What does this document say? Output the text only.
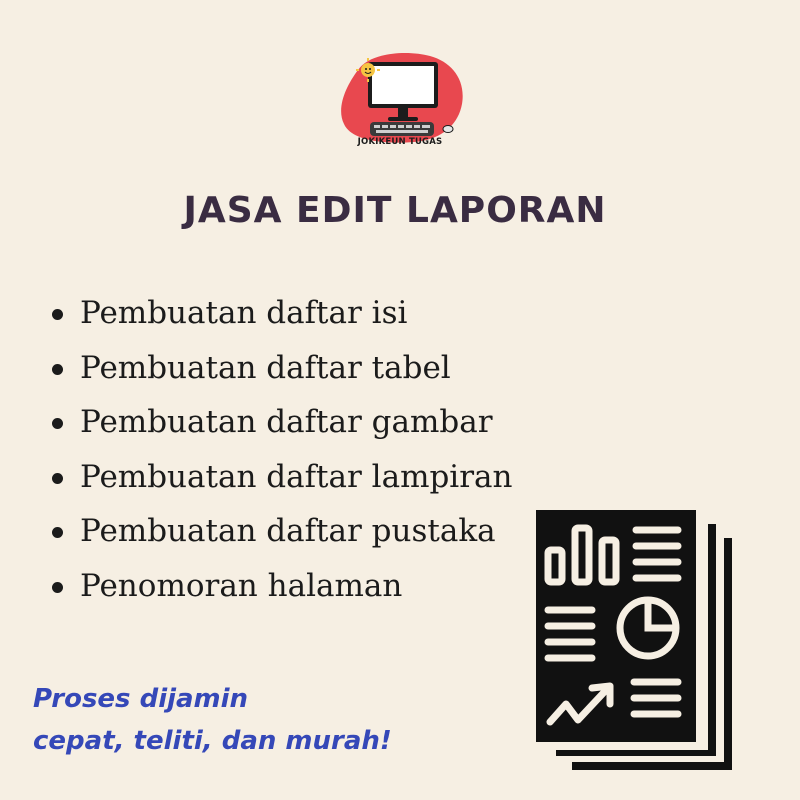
JOKIKEUN TUGAS
JASA EDIT LAPORAN
Pembuatan daftar isi
Pembuatan daftar tabel
Pembuatan daftar gambar
Pembuatan daftar lampiran
Pembuatan daftar pustaka
Penomoran halaman
Proses dijamin
cepat, teliti, dan murah!
